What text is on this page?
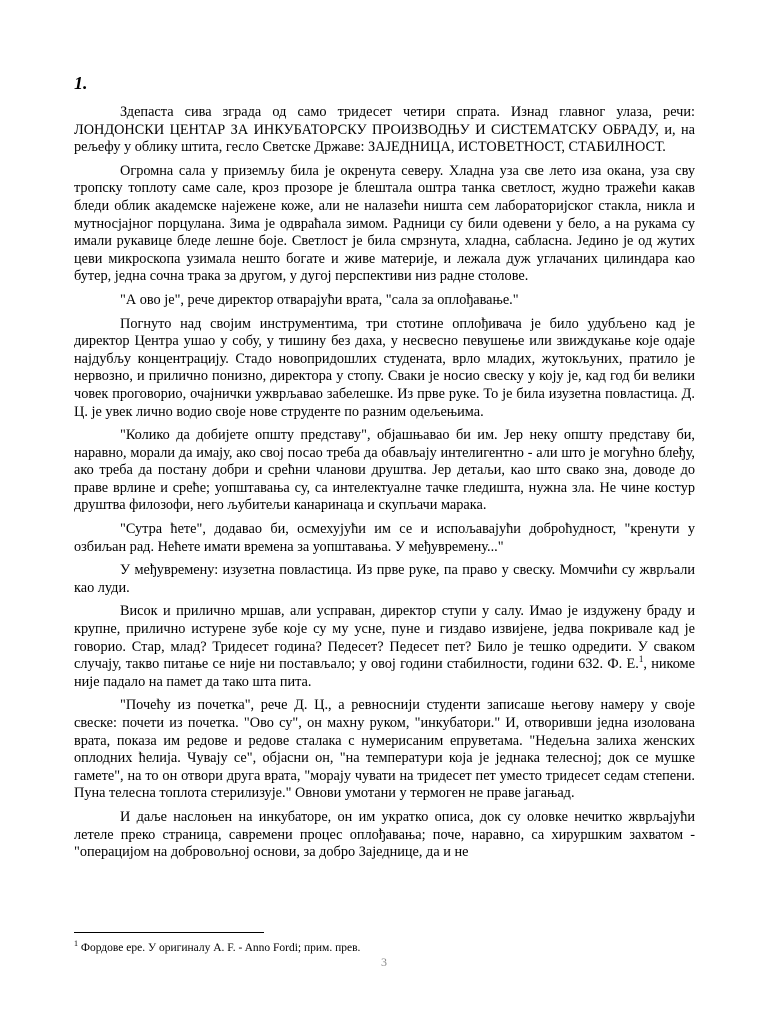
1.

Здепаста сива зграда од само тридесет четири спрата. Изнад главног улаза, речи: ЛОНДОНСКИ ЦЕНТАР ЗА ИНКУБАТОРСКУ ПРОИЗВОДЊУ И СИСТЕМАТСКУ ОБРАДУ, и, на рељефу у облику штита, гесло Светске Државе: ЗАЈЕДНИЦА, ИСТОВЕТНОСТ, СТАБИЛНОСТ.

Огромна сала у приземљу била је окренута северу. Хладна уза све лето иза окана, уза сву тропску топлоту саме сале, кроз прозоре је блештала оштра танка светлост, жудно тражећи какав бледи облик академске наjежене коже, али не налазећи ништа сем лабораторијског стакла, никла и мутносјајног порцулана. Зима је одвраћала зимом. Радници су били одевени у бело, а на рукама су имали рукавице бледе лешне боје. Светлост је била смрзнута, хладна, саблaсна. Једино је од жутих цеви микроскопа узимала нешто богате и живе материје, и лежала дуж углачаних цилиндара као бутер, једна сочна трака за другом, у дугој перспективи низ радне столове.

"А ово је", рече директор отварајући врата, "сала за оплођавање."

Погнуто над својим инструментима, три стотине оплођивача је било удубљено кад је директор Центра ушао у собу, у тишину без даха, у несвесно певушење или звиждукање које одаје најдубљу концентрацију. Стадо новопридошлих студената, врло младих, жутокљуних, пратило је нервозно, и прилично понизно, директора у стопу. Сваки је носио свеску у коју је, кад год би велики човек проговорио, очајнички ужврљавао забелешке. Из прве руке. То је била изузетна повластица. Д. Ц. је увек лично водио своје нове струденте по разним одељењима.

"Колико да добијете општу представу", објашњавао би им. Јер неку општу представу би, наравно, морали да имају, ако свој посао треба да обављају интелигентно - али што је могућно блеђу, ако треба да постану добри и срећни чланови друштва. Јер детаљи, као што свако зна, доводе до праве врлине и среће; уопштавања су, са интелектуалне тачке гледишта, нужна зла. Не чине костур друштва филозофи, него љубитељи канаринаца и скупљачи марака.

"Сутра ћете", додавао би, осмехујући им се и испољавајући доброћудност, "кренути у озбиљан рад. Нећете имати времена за уопштавања. У међувремену..."

У међувремену: изузетна повластица. Из прве руке, па право у свеску. Момчићи су жврљали као луди.

Висок и прилично мршав, али усправан, директор ступи у салу. Имао је издужену браду и крупне, прилично истурене зубе које су му усне, пуне и гиздаво извијене, једва покривале кад је говорио. Стар, млад? Тридесет година? Педесет? Педесет пет? Било је тешко одредити. У сваком случају, такво питање се није ни постављало; у овој години стабилности, години 632. Ф. Е.$^1$, никоме није падало на памет да тако шта пита.

"Почећу из почетка", рече Д. Ц., а ревноснији студенти записаше његову намеру у своје свеске: почети из почетка. "Ово су", он махну руком, "инкубатори." И, отворивши једна изолована врата, показа им редове и редове сталака с нумерисаним епруветама. "Недељна залиха женских оплодних ћелија. Чувају се", објасни он, "на температури која је једнака телесној; док се мушке гамете", на то он отвори друга врата, "морају чувати на тридесет пет уместо тридесет седам степени. Пуна телесна топлота стерилизује." Овнови умотани у термоген не праве јагањад.

И даље наслоњен на инкубаторе, он им укратко описа, док су оловке нечитко жврљајући летеле преко страница, савремени процес оплођавања; поче, наравно, са хируршким захватом - "операцијом на добровољној основи, за добро Заједнице, да и не

$^1$ Фордове ере. У оригиналу A. F. - Anno Fordi; прим. прев.
3
